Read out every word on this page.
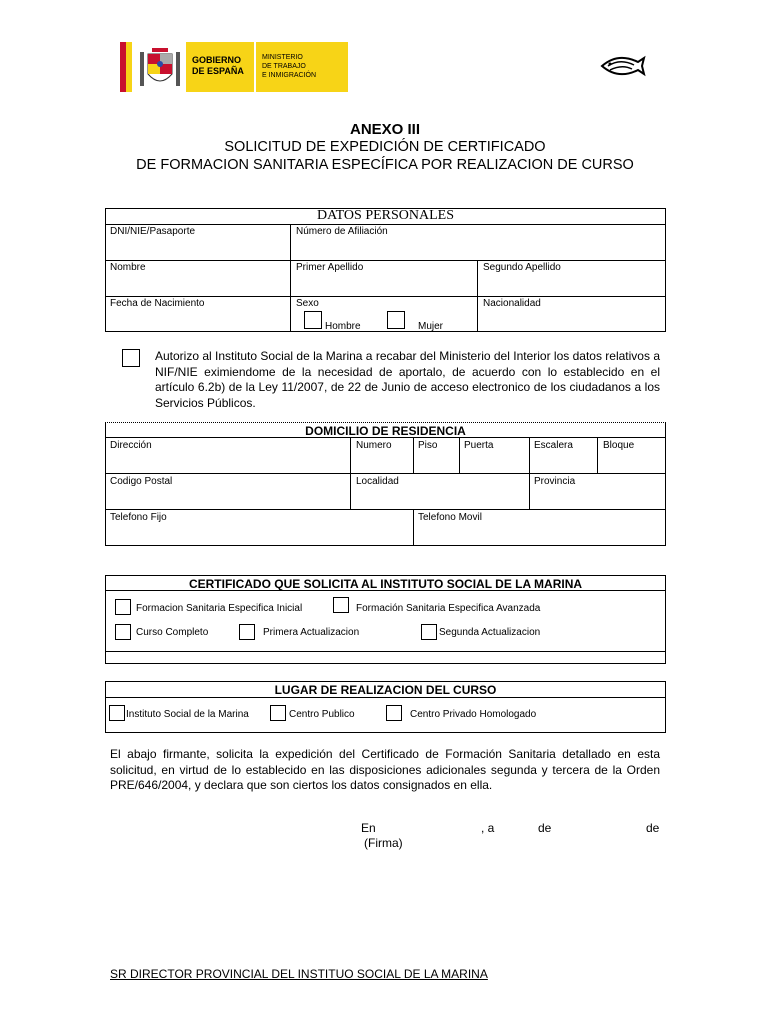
GOBIERNO
DE ESPAÑA
MINISTERIO
DE TRABAJO
E INMIGRACIÓN
ANEXO III
SOLICITUD DE EXPEDICIÓN DE CERTIFICADO
DE FORMACION SANITARIA ESPECÍFICA POR REALIZACION DE CURSO
DATOS PERSONALES
DNI/NIE/Pasaporte	Número de Afiliación
Nombre	Primer Apellido	Segundo Apellido
Fecha de Nacimiento	Sexo	Nacionalidad
Hombre	Mujer
Autorizo al Instituto Social de la Marina a recabar del Ministerio del Interior los datos relativos a NIF/NIE eximiendome de la necesidad de aportalo, de acuerdo con lo establecido en el artículo 6.2b) de la Ley 11/2007, de 22 de Junio de acceso electronico de los ciudadanos a los Servicios Públicos.
DOMICILIO DE RESIDENCIA
Dirección	Numero	Piso	Puerta	Escalera	Bloque
Codigo Postal	Localidad	Provincia
Telefono Fijo	Telefono Movil
CERTIFICADO QUE SOLICITA AL INSTITUTO SOCIAL DE LA MARINA
Formacion Sanitaria Especifica Inicial	Formación Sanitaria Especifica Avanzada
Curso Completo	Primera Actualizacion	Segunda Actualizacion
LUGAR DE REALIZACION DEL CURSO
Instituto Social de la Marina	Centro Publico	Centro Privado Homologado
El abajo firmante, solicita la expedición del Certificado de Formación Sanitaria detallado en esta solicitud, en virtud de lo establecido en las disposiciones adicionales segunda y tercera de la Orden PRE/646/2004, y declara que son ciertos los datos consignados en ella.
En	, a	de	de
(Firma)
SR DIRECTOR PROVINCIAL DEL INSTITUO SOCIAL DE LA MARINA
